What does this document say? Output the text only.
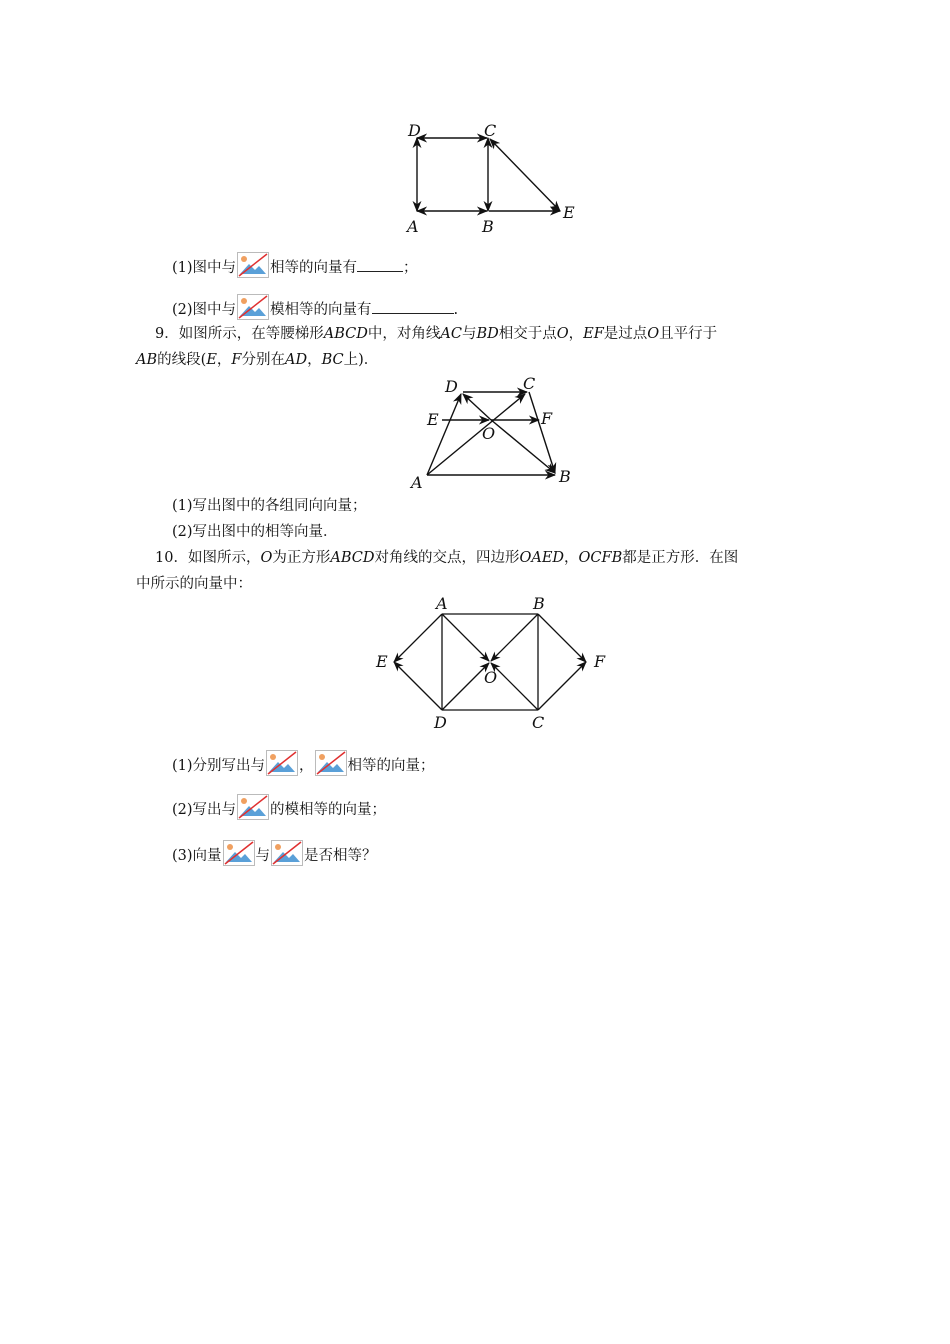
D	C
A	B
E
(1)图中与 相等的向量有	；
(2)图中与 模相等的向量有	.
9．如图所示，在等腰梯形ABCD中，对角线AC与BD相交于点O，EF是过点O且平行于
AB的线段(E，F分别在AD，BC上)．
D	C
E	F
O
A	B
(1)写出图中的各组同向向量；
(2)写出图中的相等向量．
10．如图所示，O为正方形ABCD对角线的交点，四边形OAED，OCFB都是正方形．在图
中所示的向量中：
A	B
E
O
F
D	C
(1)分别写出与 ， 相等的向量；
(2)写出与 的模相等的向量；
(3)向量 与 是否相等？
